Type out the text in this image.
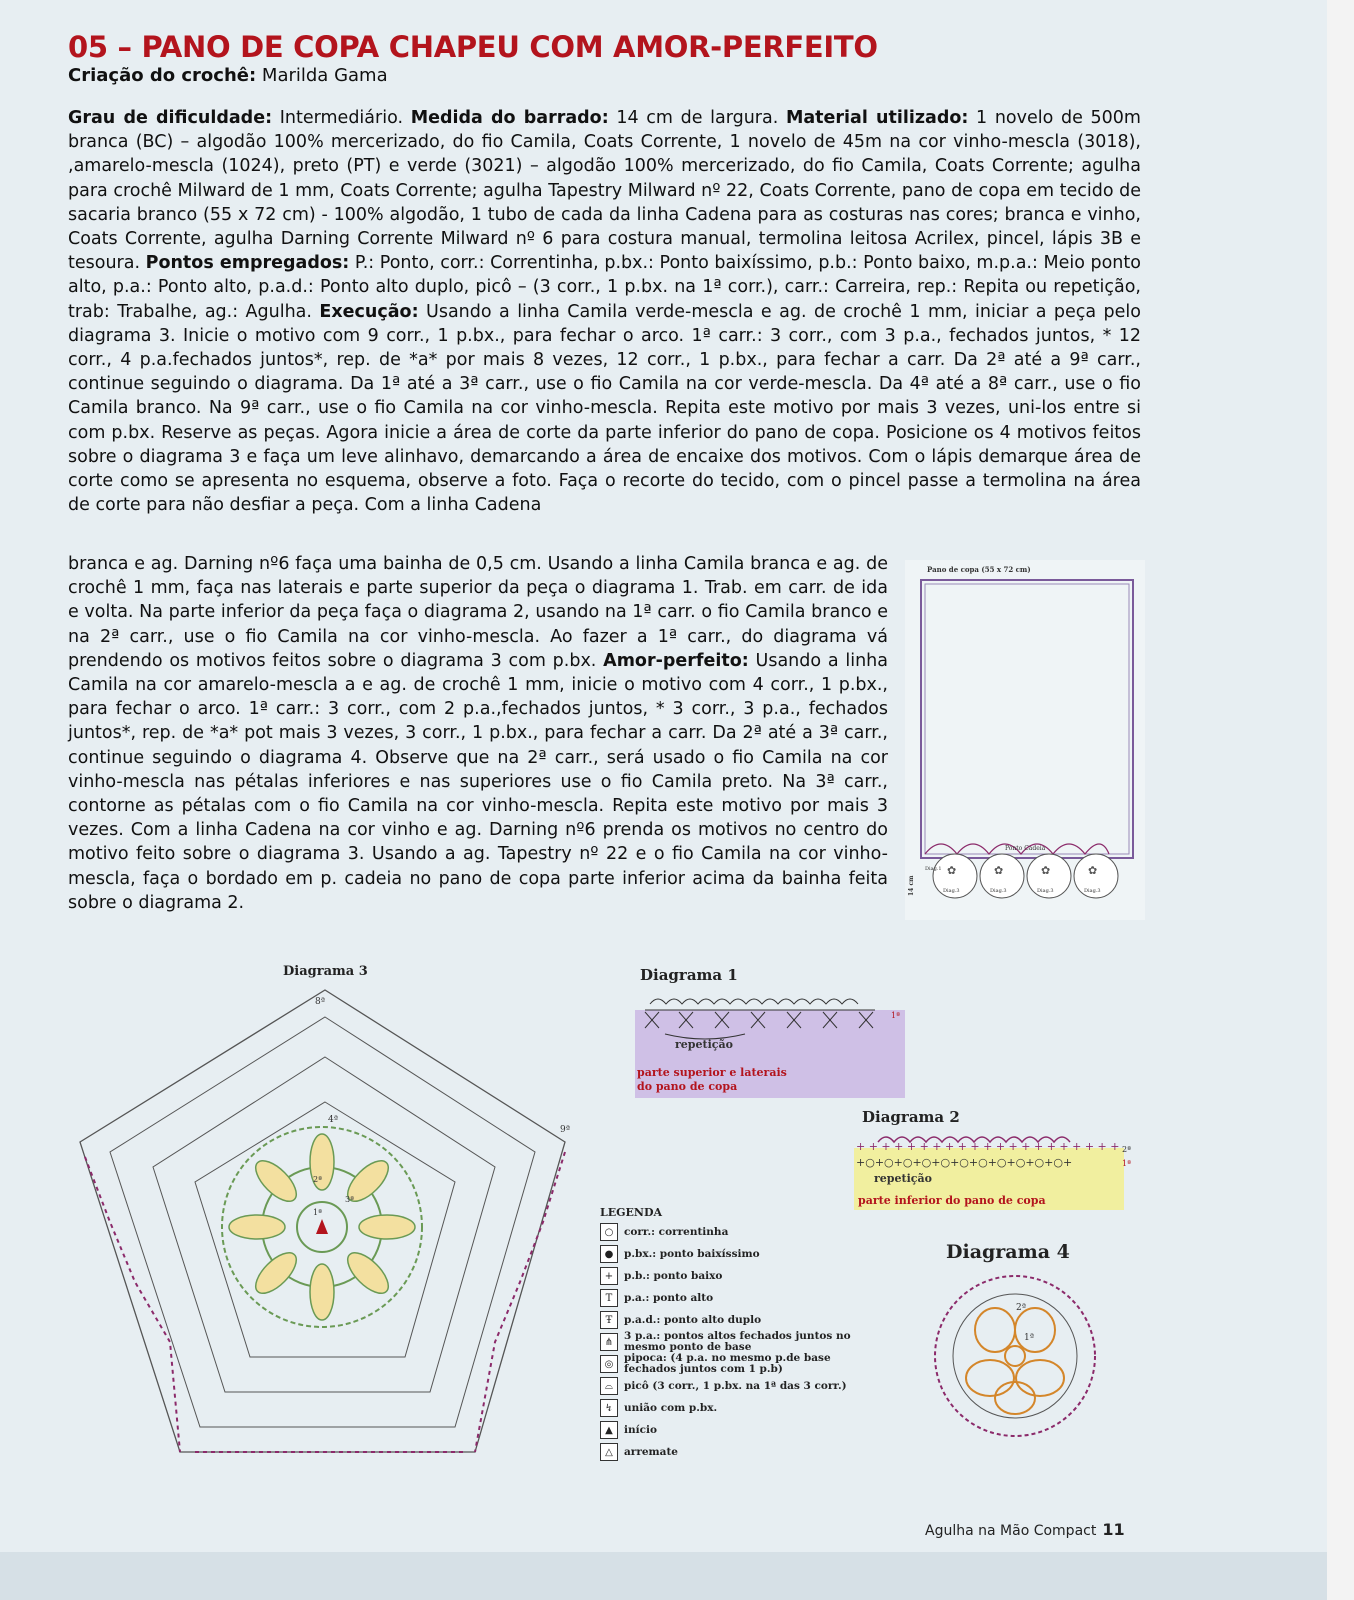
05 – PANO DE COPA CHAPEU COM AMOR-PERFEITO
Criação do crochê: Marilda Gama

Grau de dificuldade: Intermediário. Medida do barrado: 14 cm de largura. Material utilizado: 1 novelo de 500m branca (BC) – algodão 100% mercerizado, do fio Camila, Coats Corrente, 1 novelo de 45m na cor vinho-mescla (3018), ,amarelo-mescla (1024), preto (PT) e verde (3021) – algodão 100% mercerizado, do fio Camila, Coats Corrente; agulha para crochê Milward de 1 mm, Coats Corrente; agulha Tapestry Milward nº 22, Coats Corrente, pano de copa em tecido de sacaria branco (55 x 72 cm) - 100% algodão, 1 tubo de cada da linha Cadena para as costuras nas cores; branca e vinho, Coats Corrente, agulha Darning Corrente Milward nº 6 para costura manual, termolina leitosa Acrilex, pincel, lápis 3B e tesoura. Pontos empregados: P.: Ponto, corr.: Correntinha, p.bx.: Ponto baixíssimo, p.b.: Ponto baixo, m.p.a.: Meio ponto alto, p.a.: Ponto alto, p.a.d.: Ponto alto duplo, picô – (3 corr., 1 p.bx. na 1ª corr.), carr.: Carreira, rep.: Repita ou repetição, trab: Trabalhe, ag.: Agulha. Execução: Usando a linha Camila verde-mescla e ag. de crochê 1 mm, iniciar a peça pelo diagrama 3. Inicie o motivo com 9 corr., 1 p.bx., para fechar o arco. 1ª carr.: 3 corr., com 3 p.a., fechados juntos, * 12 corr., 4 p.a.fechados juntos*, rep. de *a* por mais 8 vezes, 12 corr., 1 p.bx., para fechar a carr. Da 2ª até a 9ª carr., continue seguindo o diagrama. Da 1ª até a 3ª carr., use o fio Camila na cor verde-mescla. Da 4ª até a 8ª carr., use o fio Camila branco. Na 9ª carr., use o fio Camila na cor vinho-mescla. Repita este motivo por mais 3 vezes, uni-los entre si com p.bx. Reserve as peças. Agora inicie a área de corte da parte inferior do pano de copa. Posicione os 4 motivos feitos sobre o diagrama 3 e faça um leve alinhavo, demarcando a área de encaixe dos motivos. Com o lápis demarque área de corte como se apresenta no esquema, observe a foto. Faça o recorte do tecido, com o pincel passe a termolina na área de corte para não desfiar a peça. Com a linha Cadena

branca e ag. Darning nº6 faça uma bainha de 0,5 cm. Usando a linha Camila branca e ag. de crochê 1 mm, faça nas laterais e parte superior da peça o diagrama 1. Trab. em carr. de ida e volta. Na parte inferior da peça faça o diagrama 2, usando na 1ª carr. o fio Camila branco e na 2ª carr., use o fio Camila na cor vinho-mescla. Ao fazer a 1ª carr., do diagrama vá prendendo os motivos feitos sobre o diagrama 3 com p.bx. Amor-perfeito: Usando a linha Camila na cor amarelo-mescla a e ag. de crochê 1 mm, inicie o motivo com 4 corr., 1 p.bx., para fechar o arco. 1ª carr.: 3 corr., com 2 p.a.,fechados juntos, * 3 corr., 3 p.a., fechados juntos*, rep. de *a* pot mais 3 vezes, 3 corr., 1 p.bx., para fechar a carr. Da 2ª até a 3ª carr., continue seguindo o diagrama 4. Observe que na 2ª carr., será usado o fio Camila na cor vinho-mescla nas pétalas inferiores e nas superiores use o fio Camila preto. Na 3ª carr., contorne as pétalas com o fio Camila na cor vinho-mescla. Repita este motivo por mais 3 vezes. Com a linha Cadena na cor vinho e ag. Darning nº6 prenda os motivos no centro do motivo feito sobre o diagrama 3. Usando a ag. Tapestry nº 22 e o fio Camila na cor vinho-mescla, faça o bordado em p. cadeia no pano de copa parte inferior acima da bainha feita sobre o diagrama 2.

Pano de copa (55 x 72 cm)
Ponto Cadeia
✿	✿	✿	✿
Diag.1
Diag.3	Diag.3	Diag.3	Diag.3
14 cm
Diagrama 3
8ª
4ª
1ª
2ª
3ª
9ª
Diagrama 1
1ª
repetição
parte superior e laterais
do pano de copa
Diagrama 2
+ + + + + + + + + + + + + + + + + + + + +
+○+○+○+○+○+○+○+○+○+○+○+
2ª
1ª
repetição
parte inferior do pano de copa
Diagrama 4
2ª
1ª
LEGENDA
○	corr.: correntinha
●	p.bx.: ponto baixíssimo
+	p.b.: ponto baixo
T	p.a.: ponto alto
Ŧ	p.a.d.: ponto alto duplo
⋔	3 p.a.: pontos altos fechados juntos no mesmo ponto de base
◎	pipoca: (4 p.a. no mesmo p.de base fechados juntos com 1 p.b)
⌓	picô (3 corr., 1 p.bx. na 1ª das 3 corr.)
↯	união com p.bx.
▲	início
△	arremate
Agulha na Mão Compact 11
